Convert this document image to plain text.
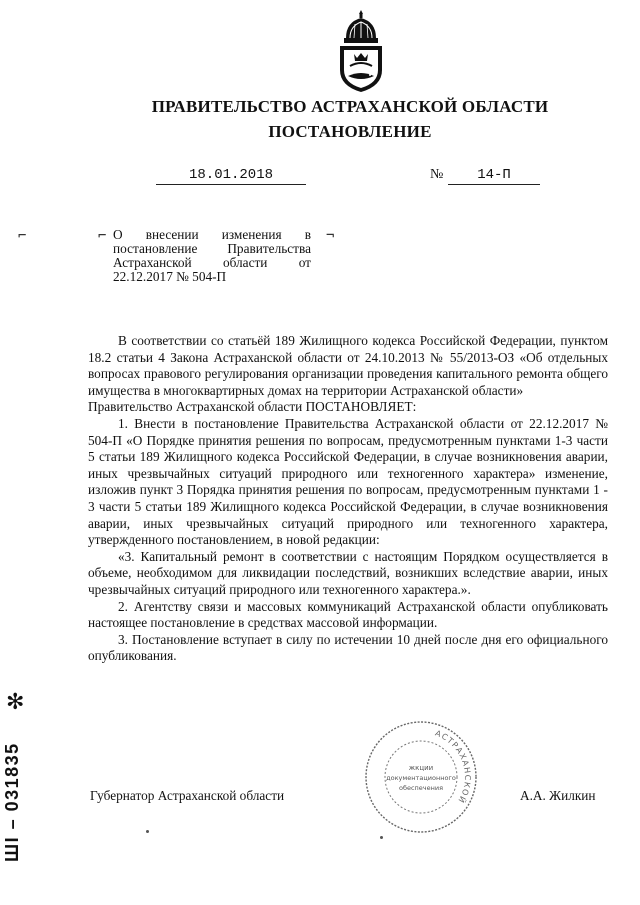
ПРАВИТЕЛЬСТВО АСТРАХАНСКОЙ ОБЛАСТИ
ПОСТАНОВЛЕНИЕ
18.01.2018	№	14-П
⌐	⌐	¬
О внесении изменения в постановление Правительства Астраханской области от 22.12.2017 № 504-П

В соответствии со статьёй 189 Жилищного кодекса Российской Федерации, пунктом 18.2 статьи 4 Закона Астраханской области от 24.10.2013 № 55/2013-ОЗ «Об отдельных вопросах правового регулирования организации проведения капитального ремонта общего имущества в многоквартирных домах на территории Астраханской области»

Правительство Астраханской области ПОСТАНОВЛЯЕТ:

1. Внести в постановление Правительства Астраханской области от 22.12.2017 № 504-П «О Порядке принятия решения по вопросам, предусмотренным пунктами 1-3 части 5 статьи 189 Жилищного кодекса Российской Федерации, в случае возникновения аварии, иных чрезвычайных ситуаций природного или техногенного характера» изменение, изложив пункт 3 Порядка принятия решения по вопросам, предусмотренным пунктами 1 - 3 части 5 статьи 189 Жилищного кодекса Российской Федерации, в случае возникновения аварии, иных чрезвычайных ситуаций природного или техногенного характера, утвержденного постановлением, в новой редакции:

«3. Капитальный ремонт в соответствии с настоящим Порядком осуществляется в объеме, необходимом для ликвидации последствий, возникших вследствие аварии, иных чрезвычайных ситуаций природного или техногенного характера.».

2. Агентству связи и массовых коммуникаций Астраханской области опубликовать настоящее постановление в средствах массовой информации.

3. Постановление вступает в силу по истечении 10 дней после дня его официального опубликования.

АСТРАХАНСКОЙ
жкции
документационного
обеспечения
Губернатор Астраханской области	А.А. Жилкин
✻
ШI – 031835
